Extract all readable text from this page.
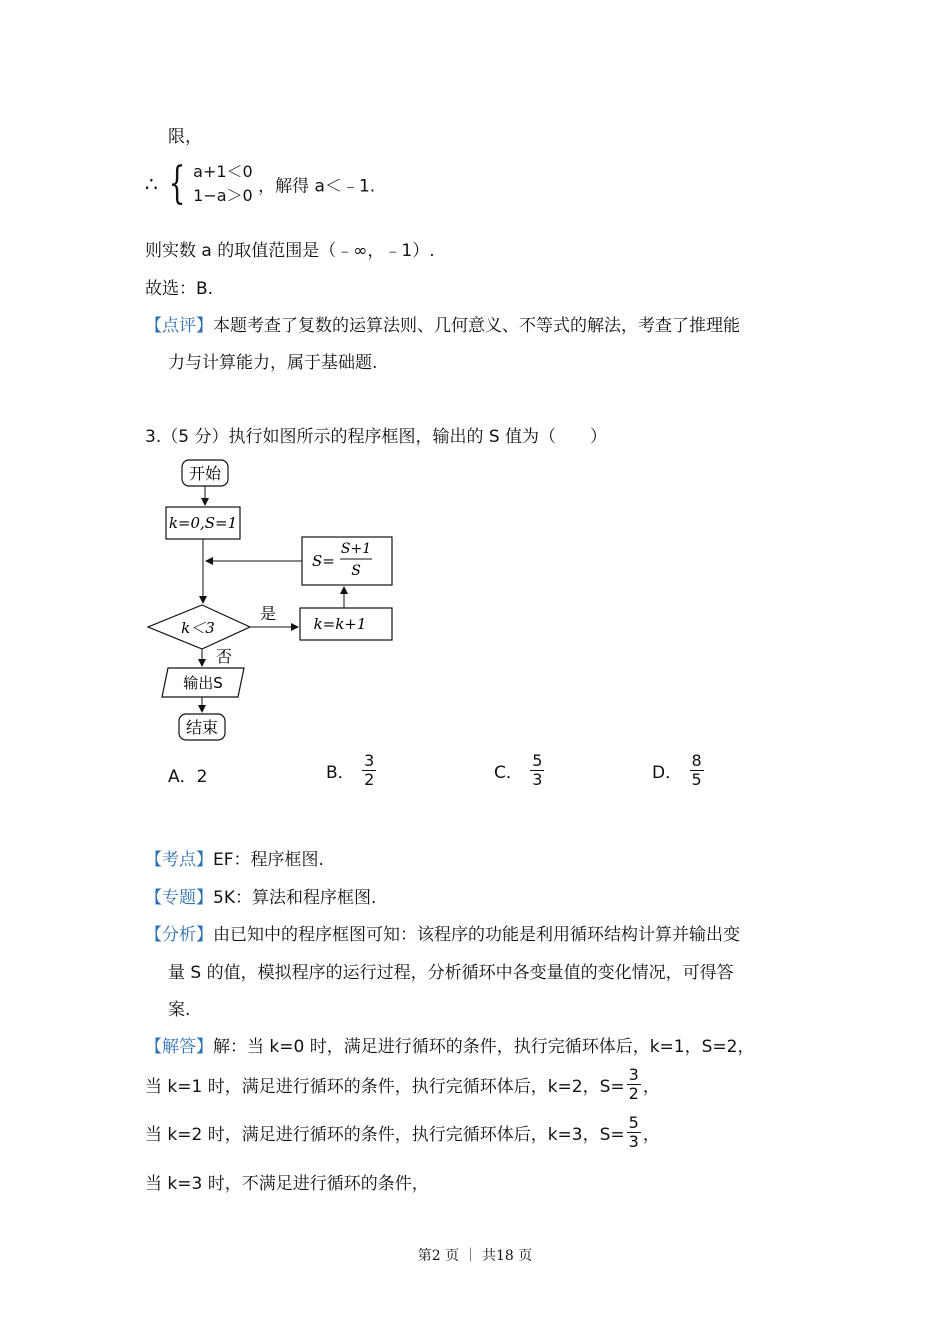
限，
∴ { a+1＜0
1−a＞0 ，解得 a＜﹣1.
则实数 a 的取值范围是（﹣∞，﹣1）.
故选：B.
【点评】本题考查了复数的运算法则、几何意义、不等式的解法，考查了推理能
力与计算能力，属于基础题.
3.（5 分）执行如图所示的程序框图，输出的 S 值为（　　）
开始
k=0,S=1
S=
S+1
S
k＜3
是
k=k+1
否
输出S
结束
A．2	B． $\frac{3}{2}$	C． $\frac{5}{3}$	D． $\frac{8}{5}$
【考点】EF：程序框图.
【专题】5K：算法和程序框图.
【分析】由已知中的程序框图可知：该程序的功能是利用循环结构计算并输出变
量 S 的值，模拟程序的运行过程，分析循环中各变量值的变化情况，可得答
案.
【解答】解：当 k=0 时，满足进行循环的条件，执行完循环体后，k=1，S=2，
当 k=1 时，满足进行循环的条件，执行完循环体后，k=2，$S= \frac{3}{2}$ ，
当 k=2 时，满足进行循环的条件，执行完循环体后，k=3，$S= \frac{5}{3}$ ，
当 k=3 时，不满足进行循环的条件，
第2 页 ｜ 共18 页
